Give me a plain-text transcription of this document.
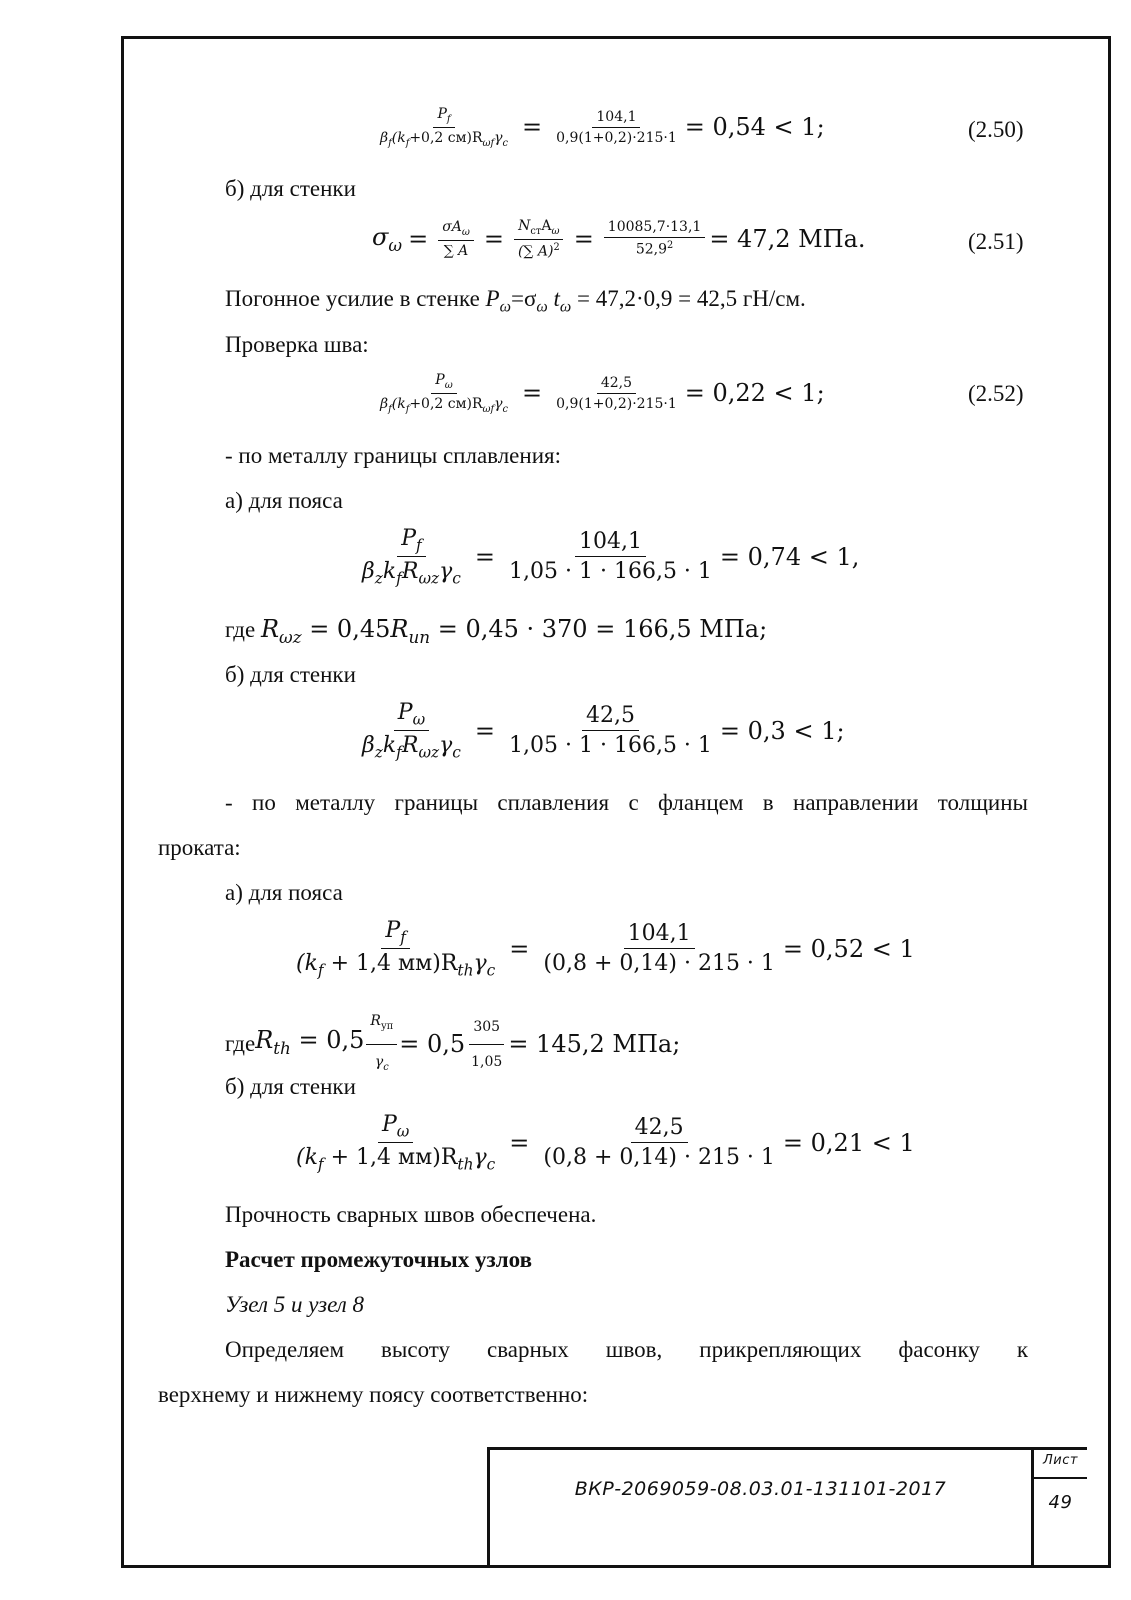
$\frac{P_f}{\beta_f(k_f+0,2 см)R_{\omega f}\gamma_c} = \frac{104,1}{0,9(1+0,2)\cdot 215\cdot 1} = 0,54 < 1$;	(2.50)
б) для стенки
$\sigma_\omega = \frac{\sigma A_\omega}{\sum A} = \frac{N_{ст}A_\omega}{(\sum A)^2} = \frac{10085,7\cdot 13,1}{52,9^2} = 47,2$ МПа.	(2.51)
Погонное усилие в стенке $P_\omega=\sigma_\omega$ $t_\omega = 47,2\cdot 0,9 = 42,5$ гН/см.
Проверка шва:
$\frac{P_\omega}{\beta_f(k_f+0,2 см)R_{\omega f}\gamma_c} = \frac{42,5}{0,9(1+0,2)\cdot 215\cdot 1} = 0,22 < 1$;	(2.52)
- по металлу границы сплавления:
а) для пояса
$\frac{P_f}{\beta_zk_fR_{\omega z}\gamma_c} = \frac{104,1}{1,05 \cdot 1 \cdot 166,5 \cdot 1} = 0,74 < 1$,
где $R_{\omega z} = 0,45R_{un} = 0,45 \cdot 370 = 166,5$ МПа;
б) для стенки
$\frac{P_\omega}{\beta_zk_fR_{\omega z}\gamma_c} = \frac{42,5}{1,05 \cdot 1 \cdot 166,5 \cdot 1} = 0,3 < 1$;
- по металлу границы сплавления с фланцем в направлении толщины
проката:
а) для пояса
$\frac{P_f}{(k_f + 1,4 мм)R_{th}\gamma_c} = \frac{104,1}{(0,8 + 0,14) \cdot 215 \cdot 1} = 0,52 < 1$
где $R_{th} = 0,5 \frac{R_{уп}}{\gamma_c} = 0,5 \frac{305}{1,05} = 145,2$ МПа;
б) для стенки
$\frac{P_\omega}{(k_f + 1,4 мм)R_{th}\gamma_c} = \frac{42,5}{(0,8 + 0,14) \cdot 215 \cdot 1} = 0,21 < 1$
Прочность сварных швов обеспечена.
Расчет промежуточных узлов
Узел 5 и узел 8
Определяем высоту сварных швов, прикрепляющих фасонку к
верхнему и нижнему поясу соответственно:
ВКР-2069059-08.03.01-131101-2017
Лист
49
